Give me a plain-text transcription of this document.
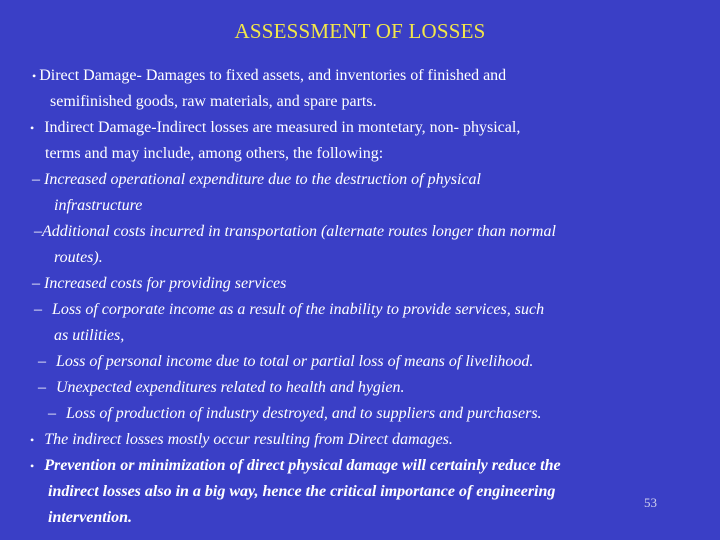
ASSESSMENT OF LOSSES
• Direct Damage- Damages to fixed assets, and inventories of finished and
semifinished goods, raw materials, and spare parts.
• Indirect Damage-Indirect losses are measured in montetary, non- physical,
terms and may include, among others, the following:
– Increased operational expenditure due to the destruction of physical
infrastructure
–Additional costs incurred in transportation (alternate routes longer than normal
routes).
– Increased costs for providing services
– Loss of corporate income as a result of the inability to provide services, such
as utilities,
– Loss of personal income due to total or partial loss of means of livelihood.
– Unexpected expenditures related to health and hygien.
– Loss of production of industry destroyed, and to suppliers and purchasers.
• The indirect losses mostly occur resulting from Direct damages.
• Prevention or minimization of direct physical damage will certainly reduce the
indirect losses also in a big way, hence the critical importance of engineering
intervention.
53
